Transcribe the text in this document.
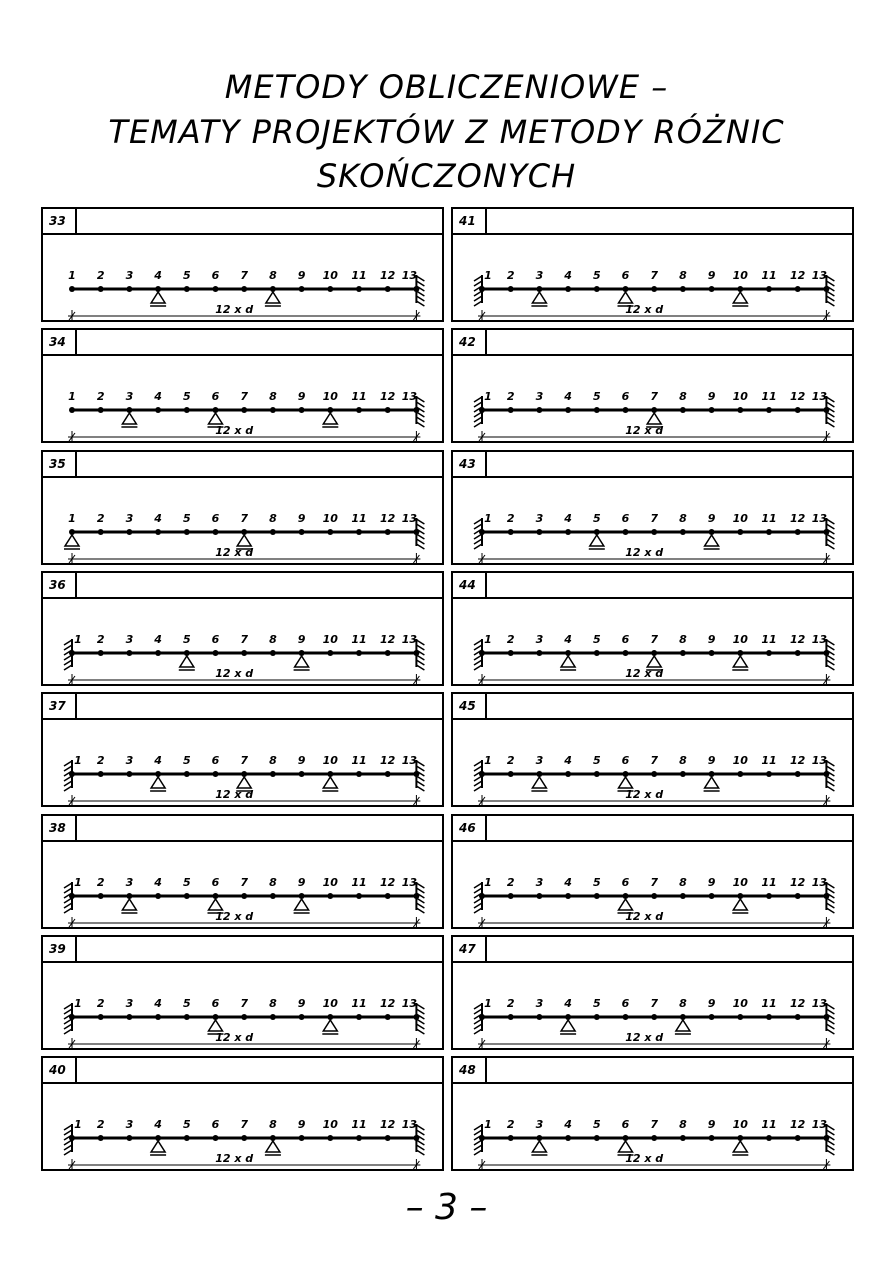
METODY OBLICZENIOWE –
TEMATY PROJEKTÓW Z METODY RÓŻNIC
SKOŃCZONYCH
33
1 2 3 4 5 6 7 8 9 10 11 12 13
12 x d
34
1 2 3 4 5 6 7 8 9 10 11 12 13
12 x d
35
1 2 3 4 5 6 7 8 9 10 11 12 13
12 x d
36
1 2 3 4 5 6 7 8 9 10 11 12 13
12 x d
37
1 2 3 4 5 6 7 8 9 10 11 12 13
12 x d
38
1 2 3 4 5 6 7 8 9 10 11 12 13
12 x d
39
1 2 3 4 5 6 7 8 9 10 11 12 13
12 x d
40
1 2 3 4 5 6 7 8 9 10 11 12 13
12 x d
41
1 2 3 4 5 6 7 8 9 10 11 12 13
12 x d
42
1 2 3 4 5 6 7 8 9 10 11 12 13
12 x d
43
1 2 3 4 5 6 7 8 9 10 11 12 13
12 x d
44
1 2 3 4 5 6 7 8 9 10 11 12 13
12 x d
45
1 2 3 4 5 6 7 8 9 10 11 12 13
12 x d
46
1 2 3 4 5 6 7 8 9 10 11 12 13
12 x d
47
1 2 3 4 5 6 7 8 9 10 11 12 13
12 x d
48
1 2 3 4 5 6 7 8 9 10 11 12 13
12 x d
– 3 –
